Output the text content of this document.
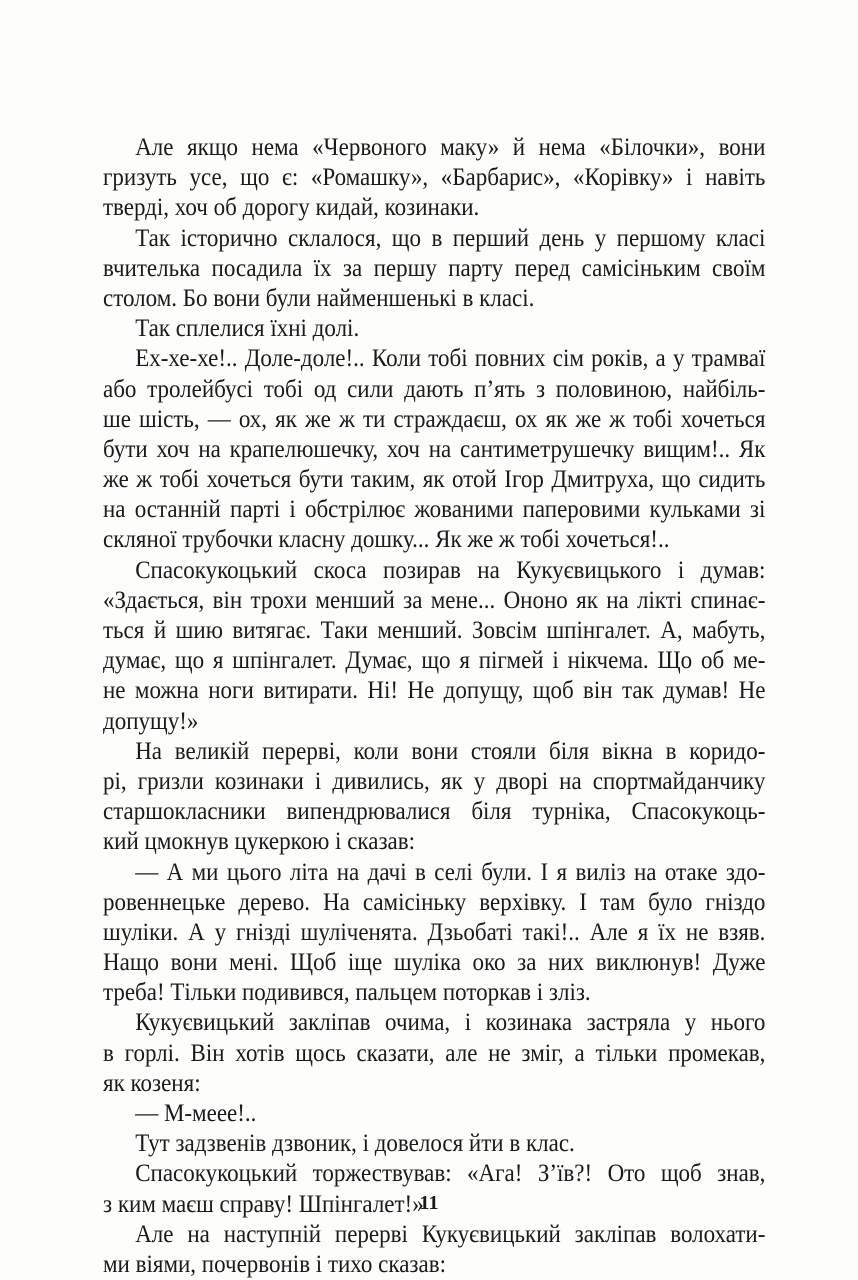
Але якщо нема «Червоного маку» й нема «Білочки», вони
гризуть усе, що є: «Ромашку», «Барбарис», «Корівку» і навіть
тверді, хоч об дорогу кидай, козинаки.
Так історично склалося, що в перший день у першому класі
вчителька посадила їх за першу парту перед самісіньким своїм
столом. Бо вони були найменшенькі в класі.
Так сплелися їхні долі.
Ех-хе-хе!.. Доле-доле!.. Коли тобі повних сім років, а у трамваї
або тролейбусі тобі од сили дають п’ять з половиною, найбіль-
ше шість, — ох, як же ж ти страждаєш, ох як же ж тобі хочеться
бути хоч на крапелюшечку, хоч на сантиметрушечку вищим!.. Як
же ж тобі хочеться бути таким, як отой Ігор Дмитруха, що сидить
на останній парті і обстрілює жованими паперовими кульками зі
скляної трубочки класну дошку... Як же ж тобі хочеться!..
Спасокукоцький скоса позирав на Кукуєвицького і думав:
«Здається, він трохи менший за мене... Ононо як на лікті спинає-
ться й шию витягає. Таки менший. Зовсім шпінгалет. А, мабуть,
думає, що я шпінгалет. Думає, що я пігмей і нікчема. Що об ме-
не можна ноги витирати. Ні! Не допущу, щоб він так думав! Не
допущу!»
На великій перерві, коли вони стояли біля вікна в коридо-
рі, гризли козинаки і дивились, як у дворі на спортмайданчику
старшокласники випендрювалися біля турніка, Спасокукоць-
кий цмокнув цукеркою і сказав:
— А ми цього літа на дачі в селі були. І я виліз на отаке здо-
ровеннецьке дерево. На самісіньку верхівку. І там було гніздо
шуліки. А у гнізді шуліченята. Дзьобаті такі!.. Але я їх не взяв.
Нащо вони мені. Щоб іще шуліка око за них виклюнув! Дуже
треба! Тільки подивився, пальцем поторкав і зліз.
Кукуєвицький закліпав очима, і козинака застряла у нього
в горлі. Він хотів щось сказати, але не зміг, а тільки промекав,
як козеня:
— М-мееe!..
Тут задзвенів дзвоник, і довелося йти в клас.
Спасокукоцький торжествував: «Ага! З’їв?! Ото щоб знав,
з ким маєш справу! Шпінгалет!»
Але на наступній перерві Кукуєвицький закліпав волохати-
ми віями, почервонів і тихо сказав:
11
